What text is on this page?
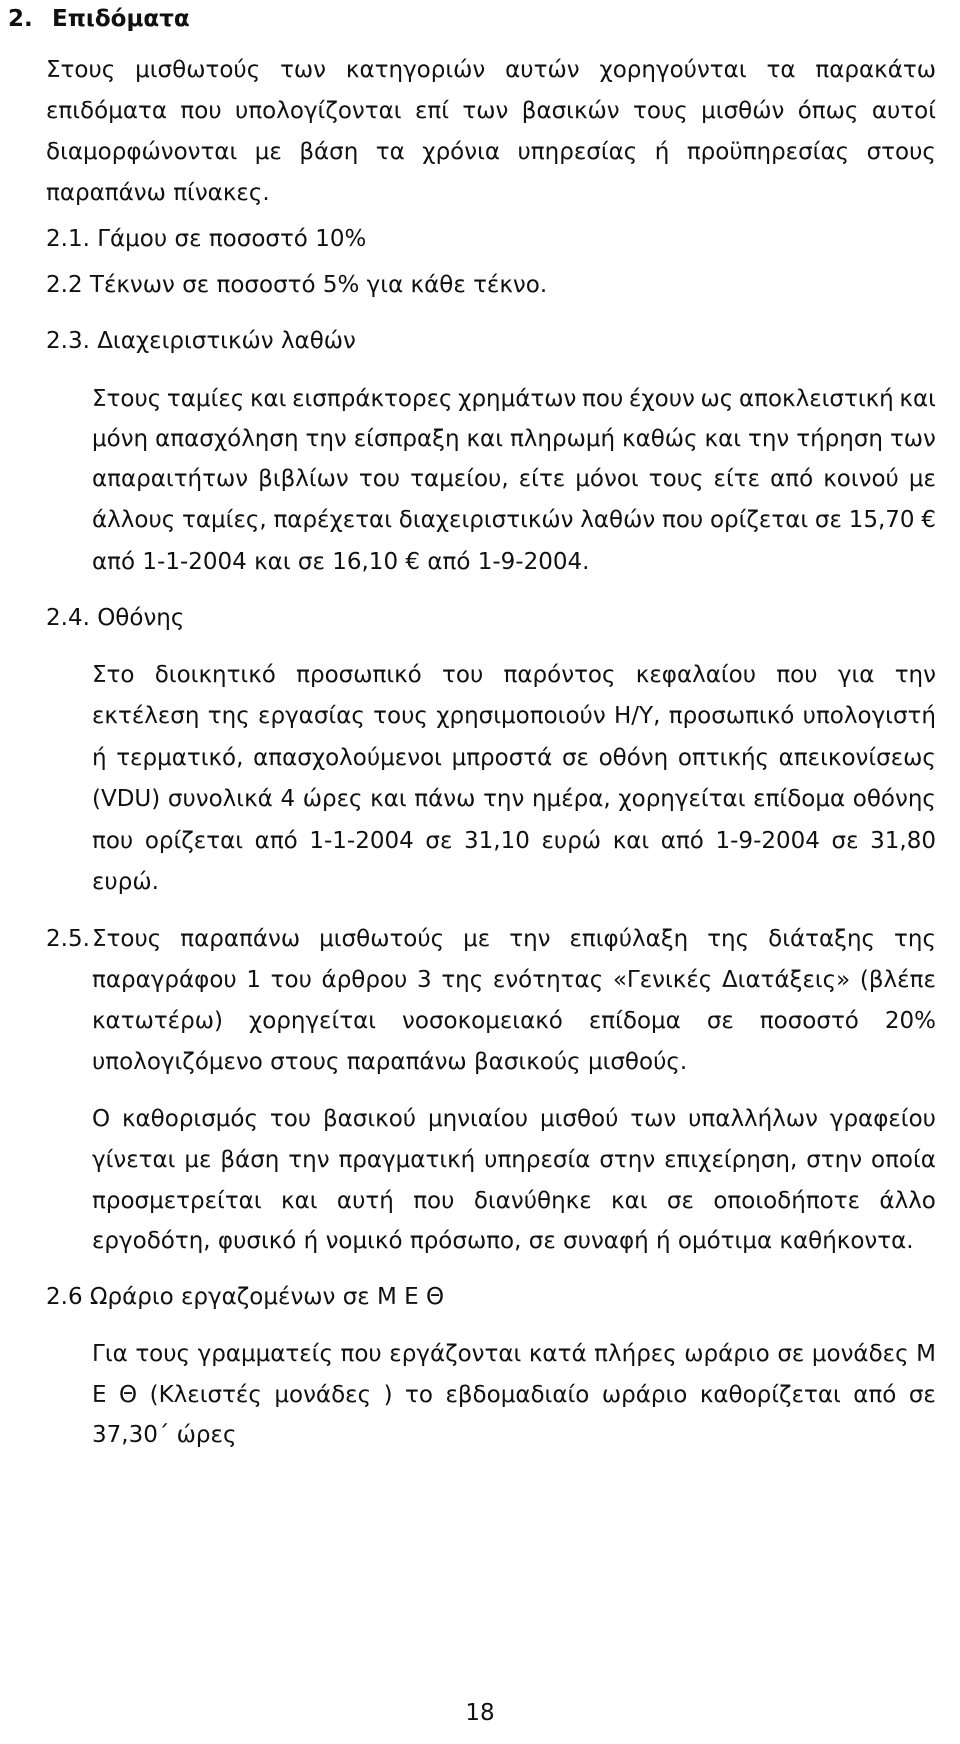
2. Επιδόματα
Στους μισθωτούς των κατηγοριών αυτών χορηγούνται τα παρακάτω
επιδόματα που υπολογίζονται επί των βασικών τους μισθών όπως αυτοί
διαμορφώνονται με βάση τα χρόνια υπηρεσίας ή προϋπηρεσίας στους
παραπάνω πίνακες.
2.1. Γάμου σε ποσοστό 10%
2.2 Τέκνων σε ποσοστό 5% για κάθε τέκνο.
2.3. Διαχειριστικών λαθών
Στους ταμίες και εισπράκτορες χρημάτων που έχουν ως αποκλειστική και
μόνη απασχόληση την είσπραξη και πληρωμή καθώς και την τήρηση των
απαραιτήτων βιβλίων του ταμείου, είτε μόνοι τους είτε από κοινού με
άλλους ταμίες, παρέχεται διαχειριστικών λαθών που ορίζεται σε 15,70 €
από 1-1-2004 και σε 16,10 € από 1-9-2004.
2.4. Οθόνης
Στο διοικητικό προσωπικό του παρόντος κεφαλαίου που για την
εκτέλεση της εργασίας τους χρησιμοποιούν Η/Υ, προσωπικό υπολογιστή
ή τερματικό, απασχολούμενοι μπροστά σε οθόνη οπτικής απεικονίσεως
(VDU) συνολικά 4 ώρες και πάνω την ημέρα, χορηγείται επίδομα οθόνης
που ορίζεται από 1-1-2004 σε 31,10 ευρώ και από 1-9-2004 σε 31,80
ευρώ.
2.5. Στους παραπάνω μισθωτούς με την επιφύλαξη της διάταξης της
παραγράφου 1 του άρθρου 3 της ενότητας «Γενικές Διατάξεις» (βλέπε
κατωτέρω) χορηγείται νοσοκομειακό επίδομα σε ποσοστό 20%
υπολογιζόμενο στους παραπάνω βασικούς μισθούς.
Ο καθορισμός του βασικού μηνιαίου μισθού των υπαλλήλων γραφείου
γίνεται με βάση την πραγματική υπηρεσία στην επιχείρηση, στην οποία
προσμετρείται και αυτή που διανύθηκε και σε οποιοδήποτε άλλο
εργοδότη, φυσικό ή νομικό πρόσωπο, σε συναφή ή ομότιμα καθήκοντα.
2.6 Ωράριο εργαζομένων σε Μ Ε Θ
Για τους γραμματείς που εργάζονται κατά πλήρες ωράριο σε μονάδες Μ
Ε Θ (Κλειστές μονάδες ) το εβδομαδιαίο ωράριο καθορίζεται από σε
37,30΄ ώρες
18
